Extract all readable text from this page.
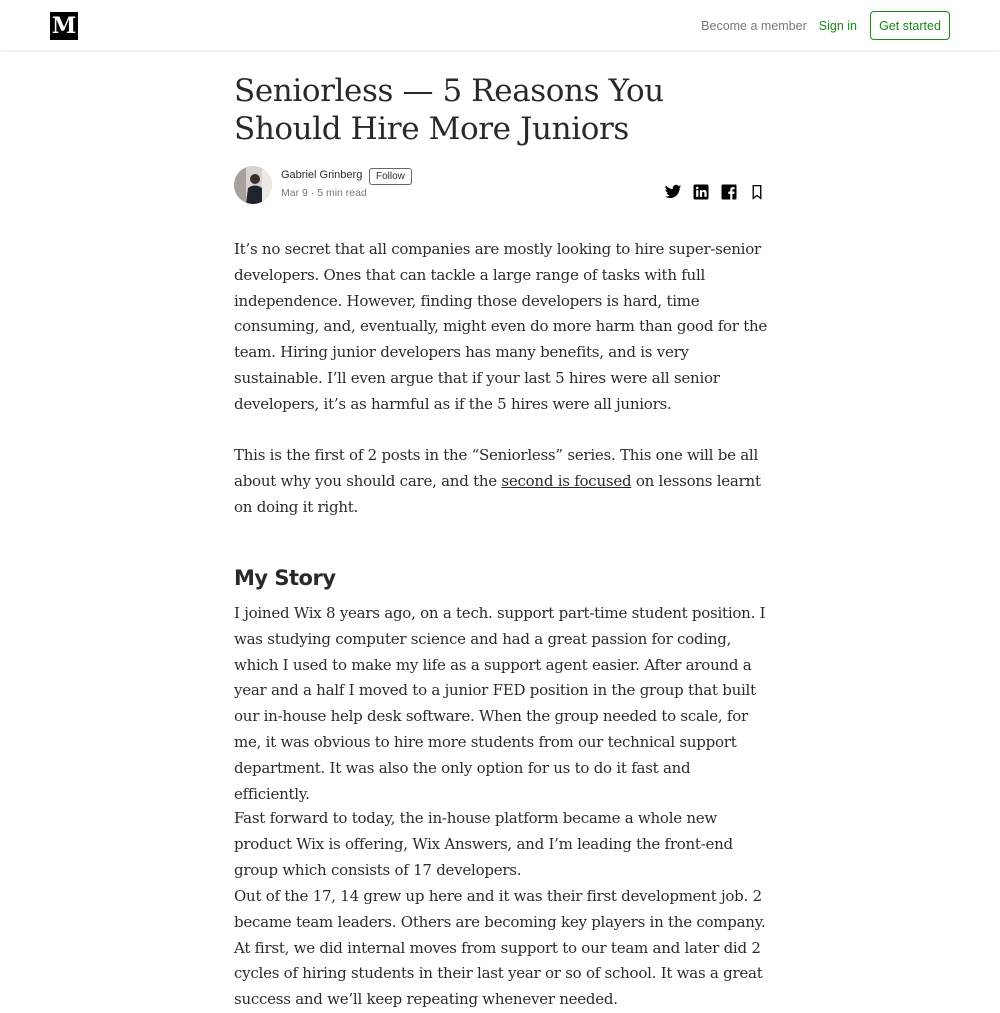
M	Become a member Sign in	Get started
Seniorless — 5 Reasons You Should Hire More Juniors
Gabriel Grinberg	Follow
Mar 9 · 5 min read

It’s no secret that all companies are mostly looking to hire super-senior developers. Ones that can tackle a large range of tasks with full independence. However, finding those developers is hard, time consuming, and, eventually, might even do more harm than good for the team. Hiring junior developers has many benefits, and is very sustainable. I’ll even argue that if your last 5 hires were all senior developers, it’s as harmful as if the 5 hires were all juniors.

This is the first of 2 posts in the “Seniorless” series. This one will be all about why you should care, and the second is focused on lessons learnt on doing it right.

My Story

I joined Wix 8 years ago, on a tech. support part-time student position. I was studying computer science and had a great passion for coding, which I used to make my life as a support agent easier. After around a year and a half I moved to a junior FED position in the group that built our in-house help desk software. When the group needed to scale, for me, it was obvious to hire more students from our technical support department. It was also the only option for us to do it fast and efficiently.

Fast forward to today, the in-house platform became a whole new product Wix is offering, Wix Answers, and I’m leading the front-end group which consists of 17 developers.

Out of the 17, 14 grew up here and it was their first development job. 2 became team leaders. Others are becoming key players in the company. At first, we did internal moves from support to our team and later did 2 cycles of hiring students in their last year or so of school. It was a great success and we’ll keep repeating whenever needed.
